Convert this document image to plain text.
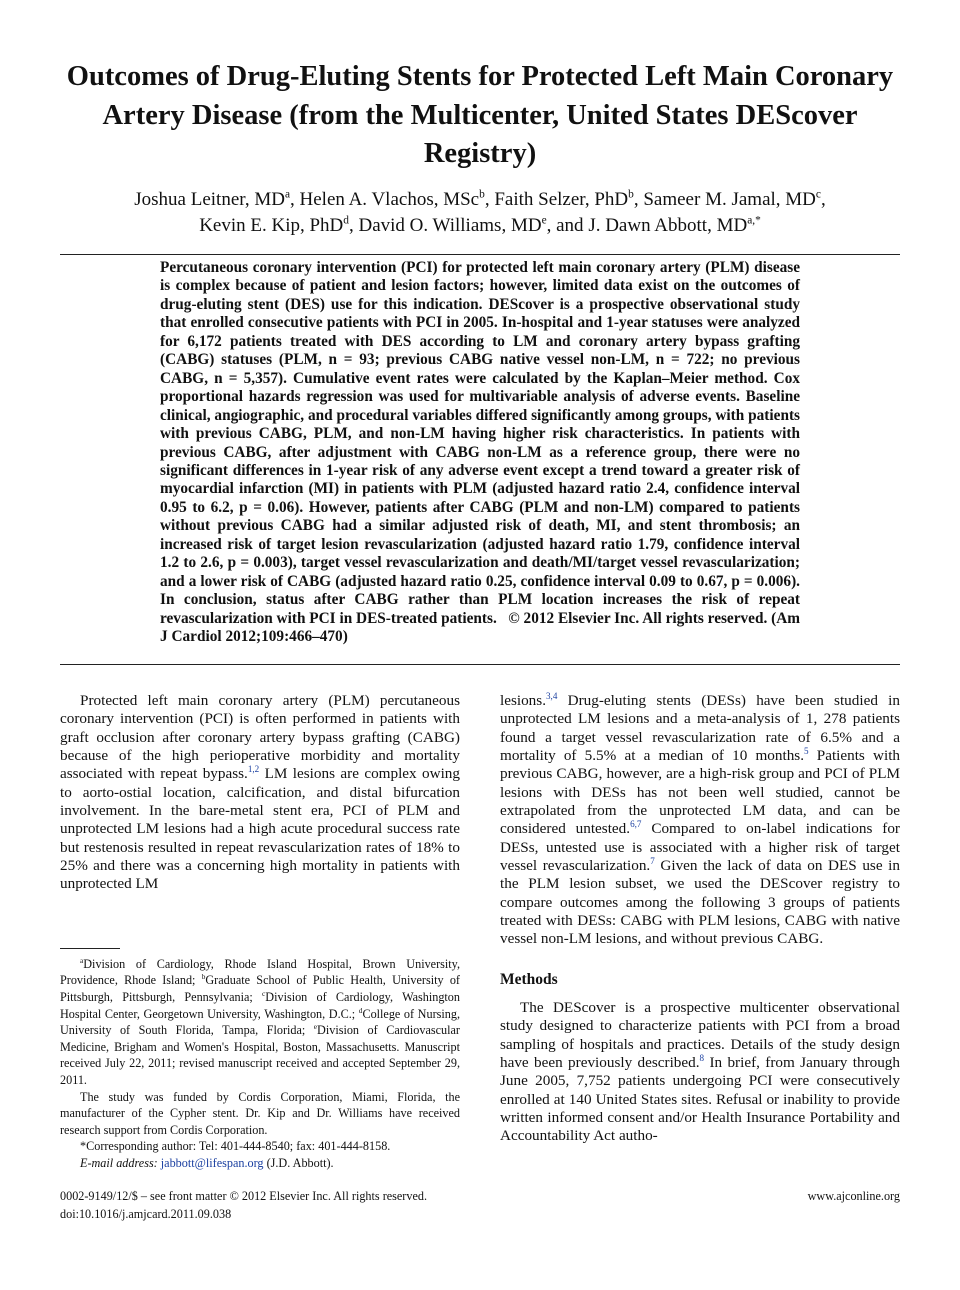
Outcomes of Drug-Eluting Stents for Protected Left Main Coronary Artery Disease (from the Multicenter, United States DEScover Registry)
Joshua Leitner, $MD^a$, Helen A. Vlachos, MSc$^b$, Faith Selzer, PhD$^b$, Sameer M. Jamal, $MD^c$,
Kevin E. Kip, PhD$^d$, David O. Williams, MDe, and J. Dawn Abbott, $MD^{a,*}$
Percutaneous coronary intervention (PCI) for protected left main coronary artery (PLM) disease is complex because of patient and lesion factors; however, limited data exist on the outcomes of drug-eluting stent (DES) use for this indication. DEScover is a prospective observational study that enrolled consecutive patients with PCI in 2005. In-hospital and 1-year statuses were analyzed for 6,172 patients treated with DES according to LM and coronary artery bypass grafting (CABG) statuses (PLM, n = 93; previous CABG native vessel non-LM, n = 722; no previous CABG, n = 5,357). Cumulative event rates were calculated by the Kaplan–Meier method. Cox proportional hazards regression was used for multivariable analysis of adverse events. Baseline clinical, angiographic, and procedural variables differed significantly among groups, with patients with previous CABG, PLM, and non-LM having higher risk characteristics. In patients with previous CABG, after adjustment with CABG non-LM as a reference group, there were no significant differences in 1-year risk of any adverse event except a trend toward a greater risk of myocardial infarction (MI) in patients with PLM (adjusted hazard ratio 2.4, confidence interval 0.95 to 6.2, p = 0.06). However, patients after CABG (PLM and non-LM) compared to patients without previous CABG had a similar adjusted risk of death, MI, and stent thrombosis; an increased risk of target lesion revascularization (adjusted hazard ratio 1.79, confidence interval 1.2 to 2.6, p = 0.003), target vessel revascularization and death/MI/target vessel revascularization; and a lower risk of CABG (adjusted hazard ratio 0.25, confidence interval 0.09 to 0.67, p = 0.006). In conclusion, status after CABG rather than PLM location increases the risk of repeat revascularization with PCI in DES-treated patients. © 2012 Elsevier Inc. All rights reserved. (Am J Cardiol 2012;109:466–470)

Protected left main coronary artery (PLM) percutaneous coronary intervention (PCI) is often performed in patients with graft occlusion after coronary artery bypass grafting (CABG) because of the high perioperative morbidity and mortality associated with repeat bypass.$^{1,2}$ LM lesions are complex owing to aorto-ostial location, calcification, and distal bifurcation involvement. In the bare-metal stent era, PCI of PLM and unprotected LM lesions had a high acute procedural success rate but restenosis resulted in repeat revascularization rates of 18% to 25% and there was a concerning high mortality in patients with unprotected LM

$^a$Division of Cardiology, Rhode Island Hospital, Brown University, Providence, Rhode Island; $^b$Graduate School of Public Health, University of Pittsburgh, Pittsburgh, Pennsylvania; $^c$Division of Cardiology, Washington Hospital Center, Georgetown University, Washington, D.C.; $^d$College of Nursing, University of South Florida, Tampa, Florida; $^e$Division of Cardiovascular Medicine, Brigham and Women's Hospital, Boston, Massachusetts. Manuscript received July 22, 2011; revised manuscript received and accepted September 29, 2011.

The study was funded by Cordis Corporation, Miami, Florida, the manufacturer of the Cypher stent. Dr. Kip and Dr. Williams have received research support from Cordis Corporation.

*Corresponding author: Tel: 401-444-8540; fax: 401-444-8158.

E-mail address: jabbott@lifespan.org (J.D. Abbott).

lesions.$^{3,4}$ Drug-eluting stents (DESs) have been studied in unprotected LM lesions and a meta-analysis of 1, 278 patients found a target vessel revascularization rate of 6.5% and a mortality of 5.5% at a median of 10 months.$^5$ Patients with previous CABG, however, are a high-risk group and PCI of PLM lesions with DESs has not been well studied, cannot be extrapolated from the unprotected LM data, and can be considered untested.$^{6,7}$ Compared to on-label indications for DESs, untested use is associated with a higher risk of target vessel revascularization.$^7$ Given the lack of data on DES use in the PLM lesion subset, we used the DEScover registry to compare outcomes among the following 3 groups of patients treated with DESs: CABG with PLM lesions, CABG with native vessel non-LM lesions, and without previous CABG.

Methods

The DEScover is a prospective multicenter observational study designed to characterize patients with PCI from a broad sampling of hospitals and practices. Details of the study design have been previously described.$^8$ In brief, from January through June 2005, 7,752 patients undergoing PCI were consecutively enrolled at 140 United States sites. Refusal or inability to provide written informed consent and/or Health Insurance Portability and Accountability Act autho-

0002-9149/12/$ – see front matter © 2012 Elsevier Inc. All rights reserved.
doi:10.1016/j.amjcard.2011.09.038
www.ajconline.org
